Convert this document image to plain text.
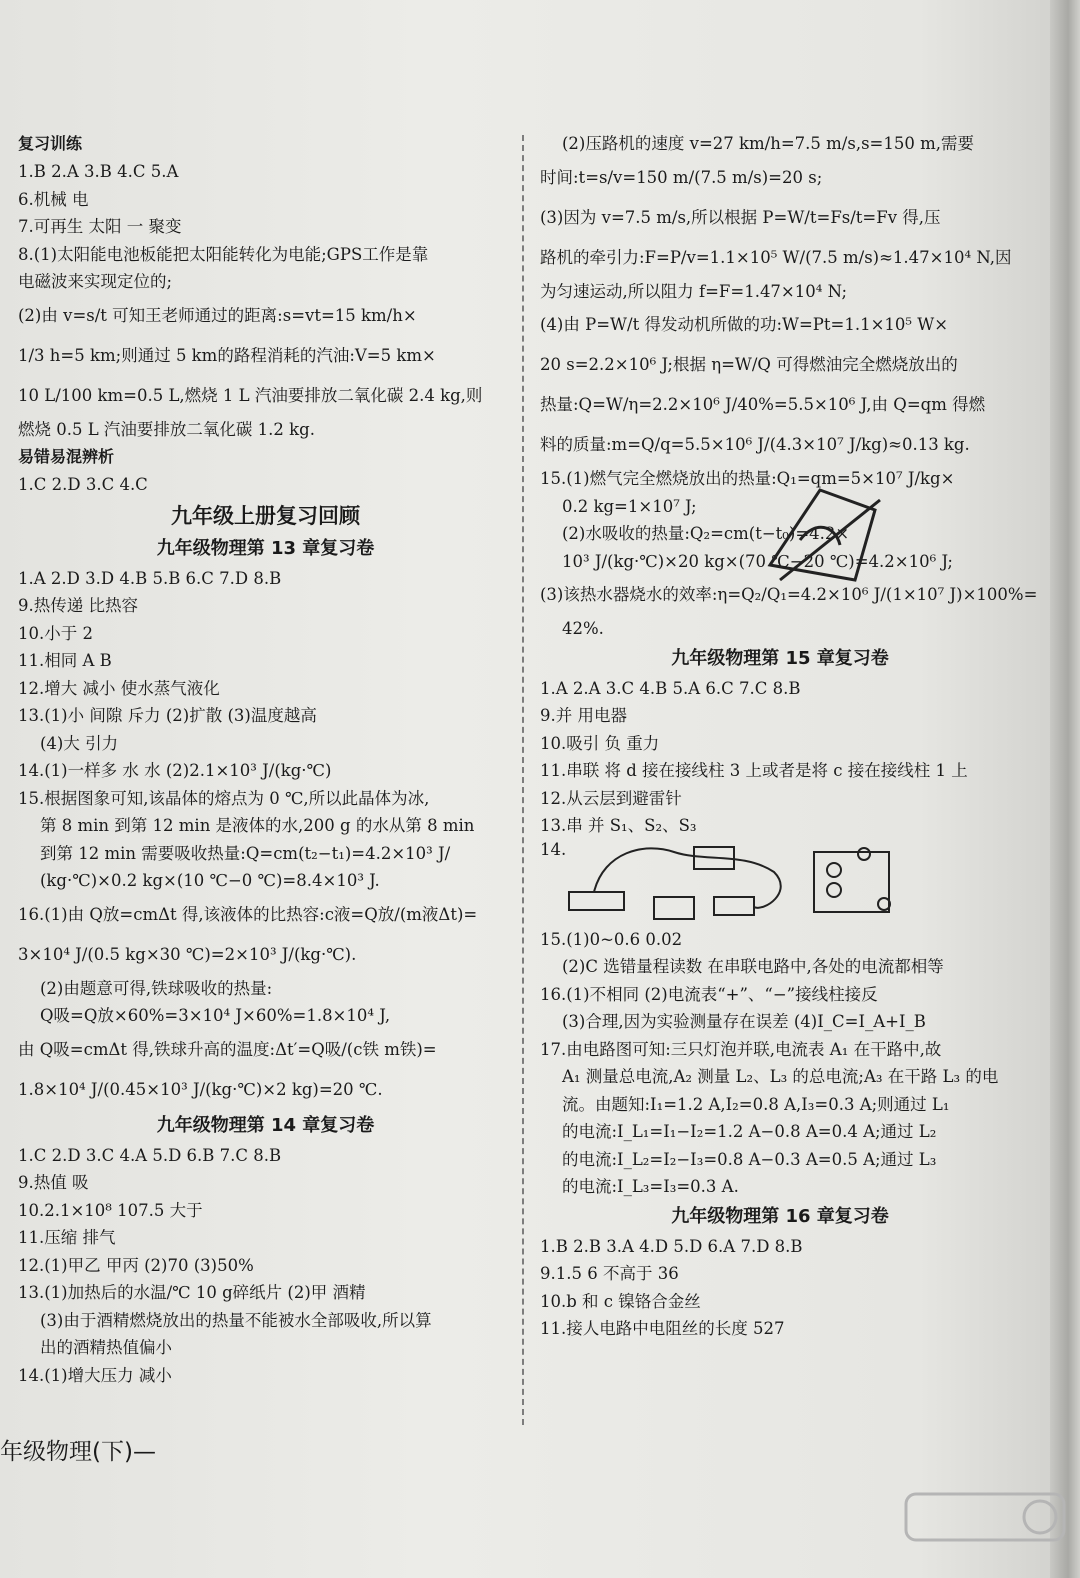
复习训练
1.B 2.A 3.B 4.C 5.A
6.机械 电
7.可再生 太阳 一 聚变
8.(1)太阳能电池板能把太阳能转化为电能;GPS工作是靠
电磁波来实现定位的;
(2)由 v=s/t 可知王老师通过的距离:s=vt=15 km/h×
1/3 h=5 km;则通过 5 km的路程消耗的汽油:V=5 km×
10 L/100 km=0.5 L,燃烧 1 L 汽油要排放二氧化碳 2.4 kg,则
燃烧 0.5 L 汽油要排放二氧化碳 1.2 kg.
易错易混辨析
1.C 2.D 3.C 4.C
九年级上册复习回顾
九年级物理第 13 章复习卷
1.A 2.D 3.D 4.B 5.B 6.C 7.D 8.B
9.热传递 比热容
10.小于 2
11.相同 A B
12.增大 减小 使水蒸气液化
13.(1)小 间隙 斥力 (2)扩散 (3)温度越高
(4)大 引力
14.(1)一样多 水 水 (2)2.1×10³ J/(kg·℃)
15.根据图象可知,该晶体的熔点为 0 ℃,所以此晶体为冰,
第 8 min 到第 12 min 是液体的水,200 g 的水从第 8 min
到第 12 min 需要吸收热量:Q=cm(t₂−t₁)=4.2×10³ J/
(kg·℃)×0.2 kg×(10 ℃−0 ℃)=8.4×10³ J.
16.(1)由 Q放=cmΔt 得,该液体的比热容:c液=Q放/(m液Δt)=
3×10⁴ J/(0.5 kg×30 ℃)=2×10³ J/(kg·℃).
(2)由题意可得,铁球吸收的热量:
Q吸=Q放×60%=3×10⁴ J×60%=1.8×10⁴ J,
由 Q吸=cmΔt 得,铁球升高的温度:Δt′=Q吸/(c铁 m铁)=
1.8×10⁴ J/(0.45×10³ J/(kg·℃)×2 kg)=20 ℃.
九年级物理第 14 章复习卷
1.C 2.D 3.C 4.A 5.D 6.B 7.C 8.B
9.热值 吸
10.2.1×10⁸ 107.5 大于
11.压缩 排气
12.(1)甲乙 甲丙 (2)70 (3)50%
13.(1)加热后的水温/℃ 10 g碎纸片 (2)甲 酒精
(3)由于酒精燃烧放出的热量不能被水全部吸收,所以算
出的酒精热值偏小
14.(1)增大压力 减小
(2)压路机的速度 v=27 km/h=7.5 m/s,s=150 m,需要
时间:t=s/v=150 m/(7.5 m/s)=20 s;
(3)因为 v=7.5 m/s,所以根据 P=W/t=Fs/t=Fv 得,压
路机的牵引力:F=P/v=1.1×10⁵ W/(7.5 m/s)≈1.47×10⁴ N,因
为匀速运动,所以阻力 f=F=1.47×10⁴ N;
(4)由 P=W/t 得发动机所做的功:W=Pt=1.1×10⁵ W×
20 s=2.2×10⁶ J;根据 η=W/Q 可得燃油完全燃烧放出的
热量:Q=W/η=2.2×10⁶ J/40%=5.5×10⁶ J,由 Q=qm 得燃
料的质量:m=Q/q=5.5×10⁶ J/(4.3×10⁷ J/kg)≈0.13 kg.
15.(1)燃气完全燃烧放出的热量:Q₁=qm=5×10⁷ J/kg×
0.2 kg=1×10⁷ J;
(2)水吸收的热量:Q₂=cm(t−t₀)=4.2×
10³ J/(kg·℃)×20 kg×(70 ℃−20 ℃)=4.2×10⁶ J;
(3)该热水器烧水的效率:η=Q₂/Q₁=4.2×10⁶ J/(1×10⁷ J)×100%=
42%.
九年级物理第 15 章复习卷
1.A 2.A 3.C 4.B 5.A 6.C 7.C 8.B
9.并 用电器
10.吸引 负 重力
11.串联 将 d 接在接线柱 3 上或者是将 c 接在接线柱 1 上
12.从云层到避雷针
13.串 并 S₁、S₂、S₃
14.
15.(1)0~0.6 0.02
(2)C 选错量程读数 在串联电路中,各处的电流都相等
16.(1)不相同 (2)电流表“+”、“−”接线柱接反
(3)合理,因为实验测量存在误差 (4)I_C=I_A+I_B
17.由电路图可知:三只灯泡并联,电流表 A₁ 在干路中,故
A₁ 测量总电流,A₂ 测量 L₂、L₃ 的总电流;A₃ 在干路 L₃ 的电
流。由题知:I₁=1.2 A,I₂=0.8 A,I₃=0.3 A;则通过 L₁
的电流:I_L₁=I₁−I₂=1.2 A−0.8 A=0.4 A;通过 L₂
的电流:I_L₂=I₂−I₃=0.8 A−0.3 A=0.5 A;通过 L₃
的电流:I_L₃=I₃=0.3 A.
九年级物理第 16 章复习卷
1.B 2.B 3.A 4.D 5.D 6.A 7.D 8.B
9.1.5 6 不高于 36
10.b 和 c 镍铬合金丝
11.接人电路中电阻丝的长度 527
年级物理(下)—
